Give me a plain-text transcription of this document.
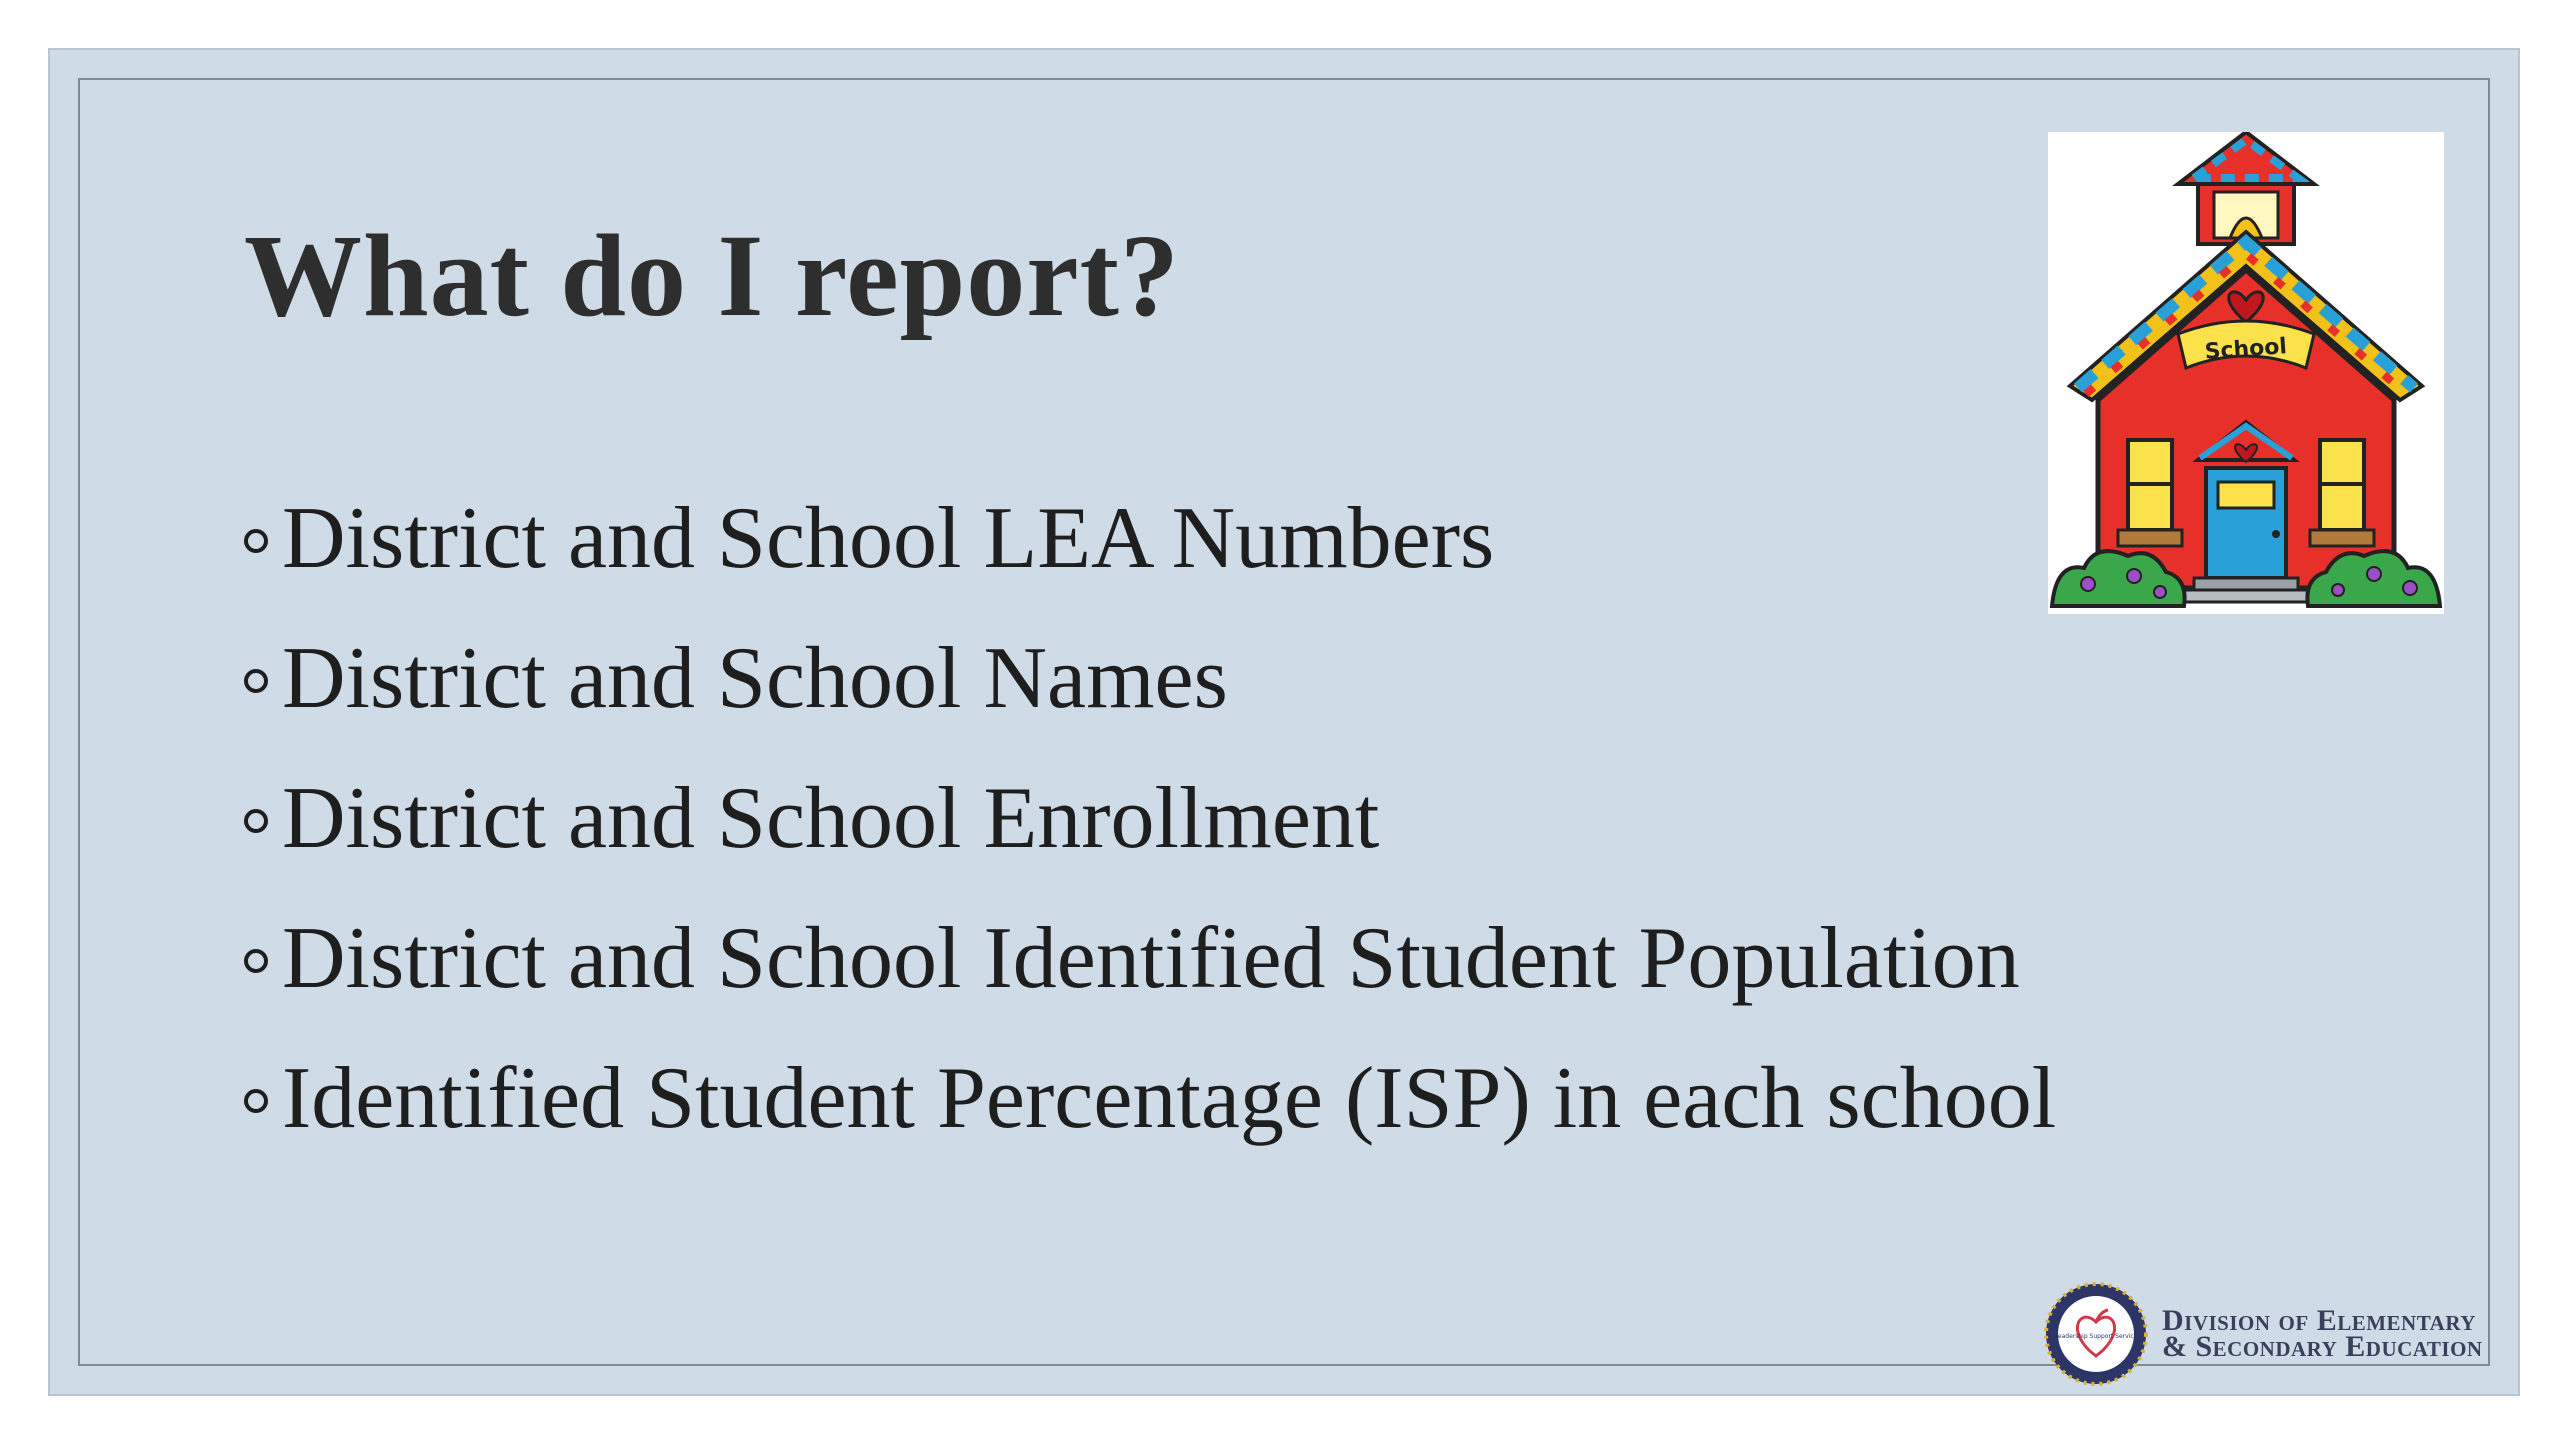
What do I report?
District and School LEA Numbers
District and School Names
District and School Enrollment
District and School Identified Student Population
Identified Student Percentage (ISP) in each school
School
Leadership Support Service Division of Elementary
& Secondary Education
